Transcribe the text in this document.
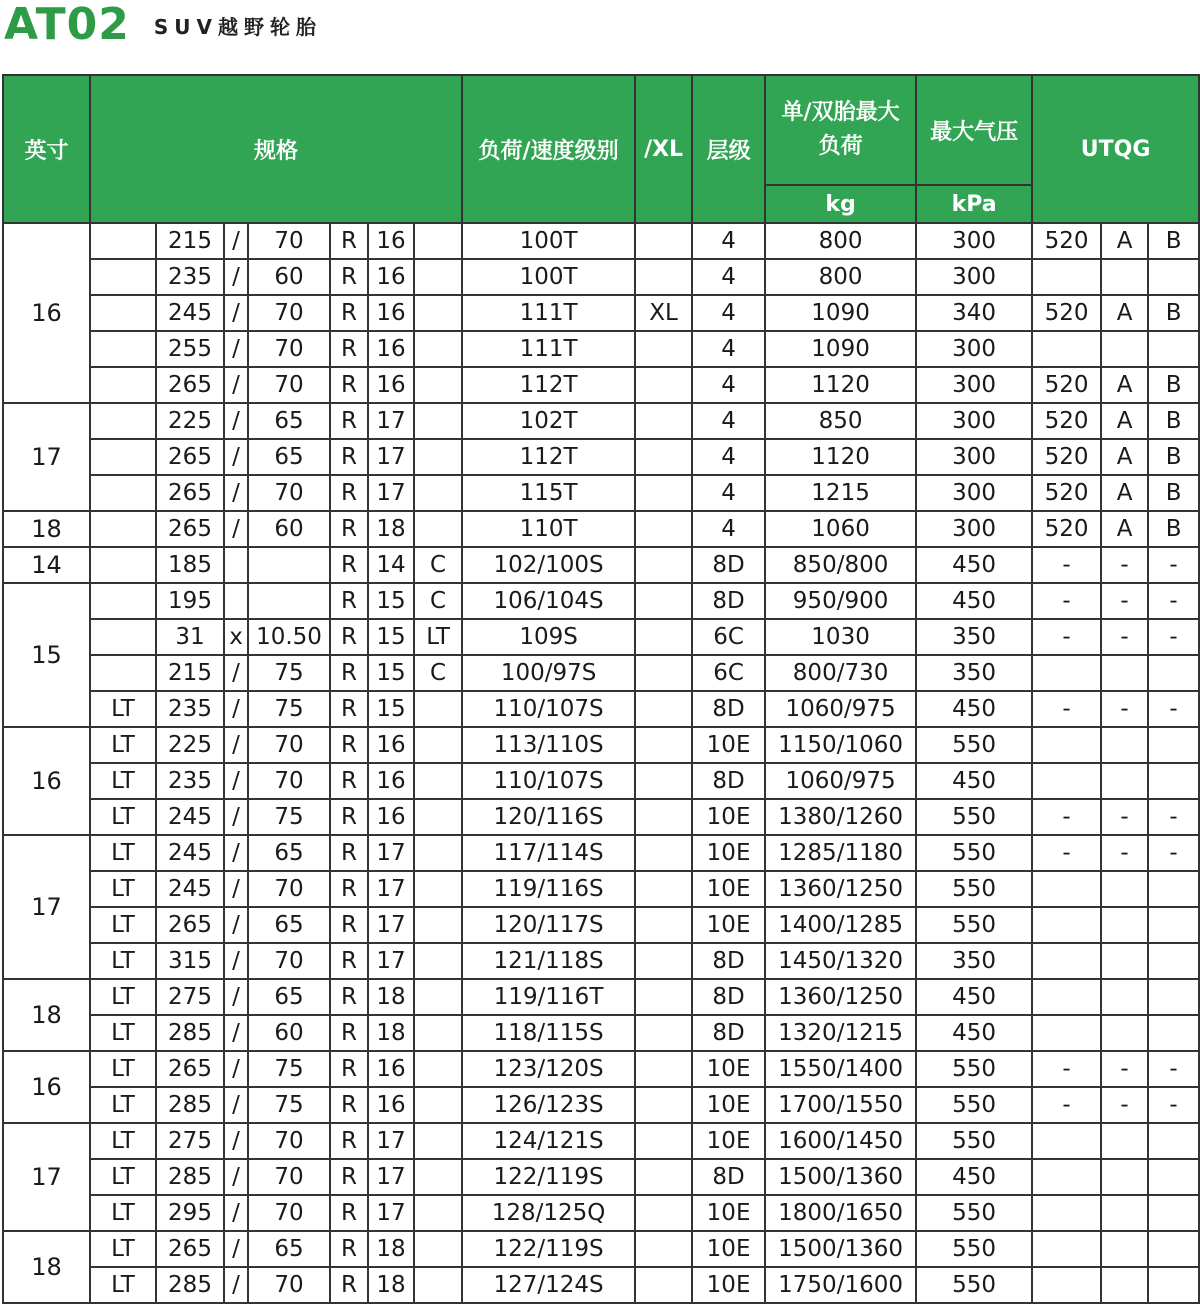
AT02 SUV越野轮胎
英寸	规格							负荷/速度级别	/XL	层级	单/双胎最大负荷	最大气压	UTQG		
											kg	kPa			
16		215	/	70	R	16		100T		4	800	300	520	A	B
		235	/	60	R	16		100T		4	800	300			
		245	/	70	R	16		111T	XL	4	1090	340	520	A	B
		255	/	70	R	16		111T		4	1090	300			
		265	/	70	R	16		112T		4	1120	300	520	A	B
17		225	/	65	R	17		102T		4	850	300	520	A	B
		265	/	65	R	17		112T		4	1120	300	520	A	B
		265	/	70	R	17		115T		4	1215	300	520	A	B
18		265	/	60	R	18		110T		4	1060	300	520	A	B
14		185			R	14	C	102/100S		8D	850/800	450	-	-	-
15		195			R	15	C	106/104S		8D	950/900	450	-	-	-
		31	x	10.50	R	15	LT	109S		6C	1030	350	-	-	-
		215	/	75	R	15	C	100/97S		6C	800/730	350			
	LT	235	/	75	R	15		110/107S		8D	1060/975	450	-	-	-
16	LT	225	/	70	R	16		113/110S		10E	1150/1060	550			
	LT	235	/	70	R	16		110/107S		8D	1060/975	450			
	LT	245	/	75	R	16		120/116S		10E	1380/1260	550	-	-	-
17	LT	245	/	65	R	17		117/114S		10E	1285/1180	550	-	-	-
	LT	245	/	70	R	17		119/116S		10E	1360/1250	550			
	LT	265	/	65	R	17		120/117S		10E	1400/1285	550			
	LT	315	/	70	R	17		121/118S		8D	1450/1320	350			
18	LT	275	/	65	R	18		119/116T		8D	1360/1250	450			
	LT	285	/	60	R	18		118/115S		8D	1320/1215	450			
16	LT	265	/	75	R	16		123/120S		10E	1550/1400	550	-	-	-
	LT	285	/	75	R	16		126/123S		10E	1700/1550	550	-	-	-
17	LT	275	/	70	R	17		124/121S		10E	1600/1450	550			
	LT	285	/	70	R	17		122/119S		8D	1500/1360	450			
	LT	295	/	70	R	17		128/125Q		10E	1800/1650	550			
18	LT	265	/	65	R	18		122/119S		10E	1500/1360	550			
	LT	285	/	70	R	18		127/124S		10E	1750/1600	550			
